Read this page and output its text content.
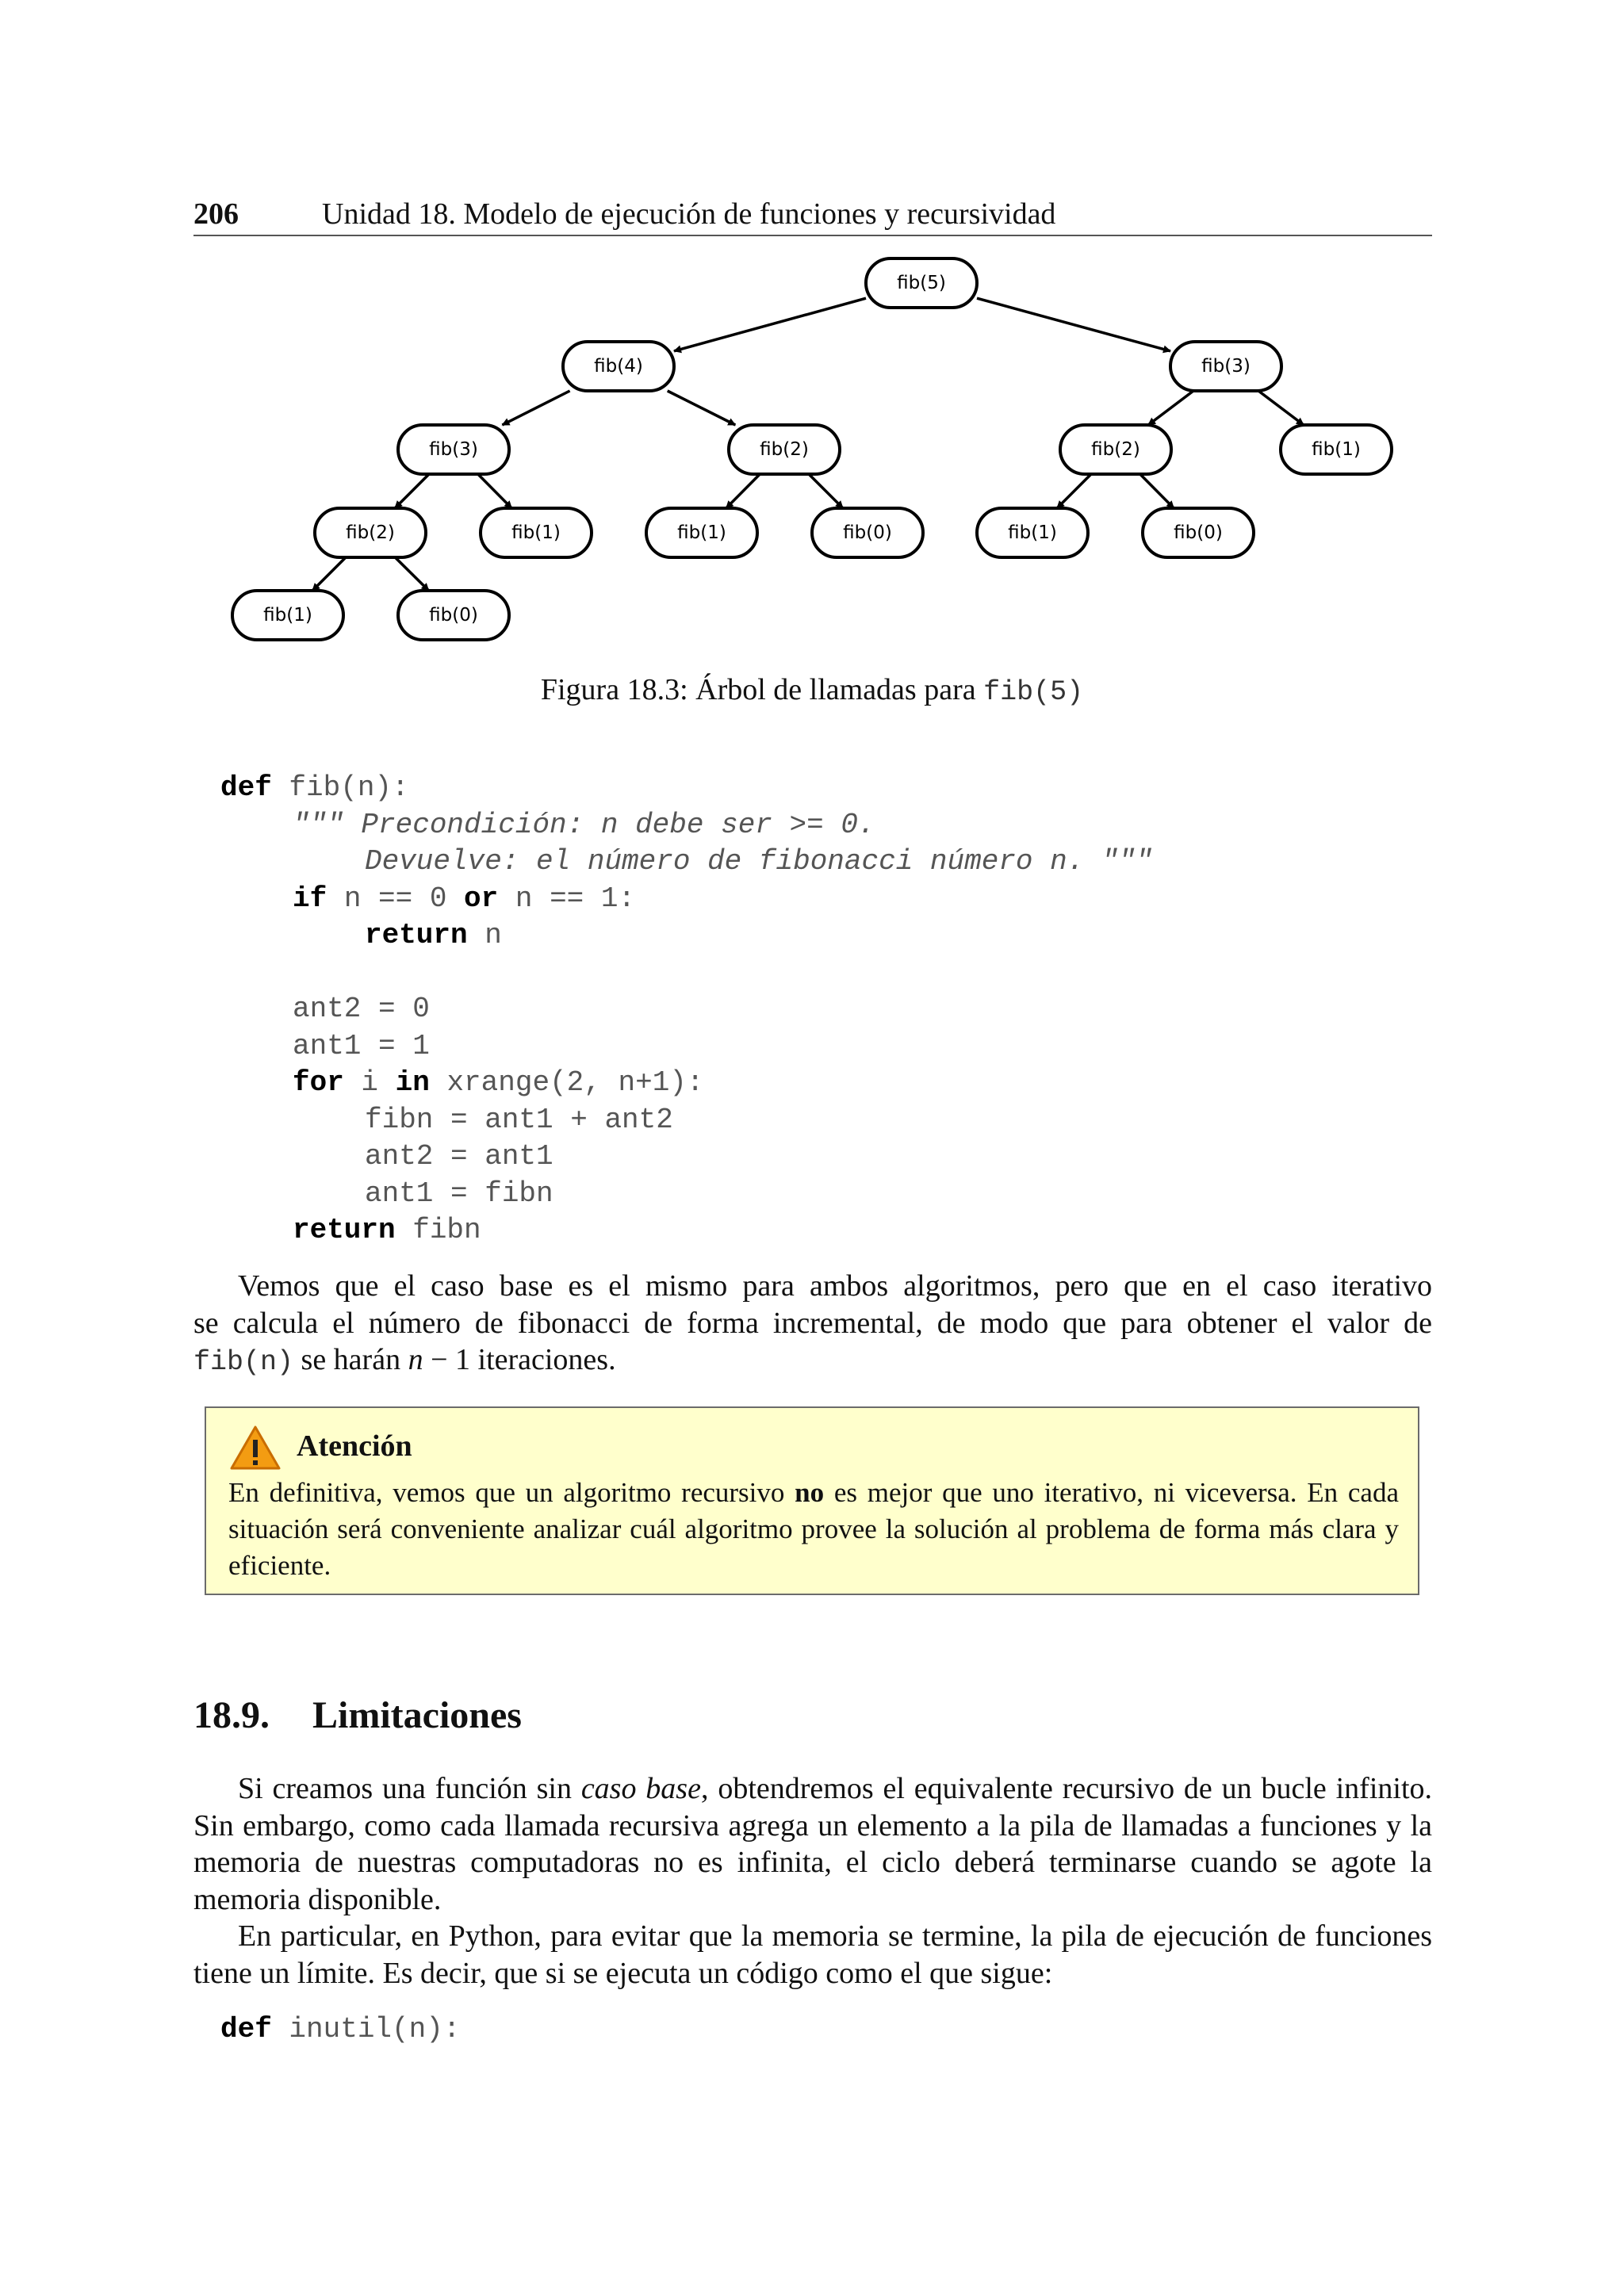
206	Unidad 18. Modelo de ejecución de funciones y recursividad
fib(5)
fib(4)	fib(3)
fib(3)	fib(2)	fib(2)	fib(1)
fib(2)	fib(1)	fib(1)	fib(0)	fib(1)	fib(0)
fib(1)	fib(0)
Figura 18.3: Árbol de llamadas para fib(5)
def fib(n):
""" Precondición: n debe ser >= 0.
Devuelve: el número de fibonacci número n. """
if n == 0 or n == 1:
return n
ant2 = 0
ant1 = 1
for i in xrange(2, n+1):
fibn = ant1 + ant2
ant2 = ant1
ant1 = fibn
return fibn
Vemos que el caso base es el mismo para ambos algoritmos, pero que en el caso iterativo
se calcula el número de fibonacci de forma incremental, de modo que para obtener el valor de
fib(n) se harán n − 1 iteraciones.
Atención
En definitiva, vemos que un algoritmo recursivo no es mejor que uno iterativo, ni viceversa. En cada situación será conveniente analizar cuál algoritmo provee la solución al problema de forma más clara y eficiente.
18.9. Limitaciones
Si creamos una función sin caso base, obtendremos el equivalente recursivo de un bucle infinito. Sin embargo, como cada llamada recursiva agrega un elemento a la pila de llamadas a funciones y la memoria de nuestras computadoras no es infinita, el ciclo deberá terminarse cuando se agote la memoria disponible.
En particular, en Python, para evitar que la memoria se termine, la pila de ejecución de funciones tiene un límite. Es decir, que si se ejecuta un código como el que sigue:
def inutil(n):
